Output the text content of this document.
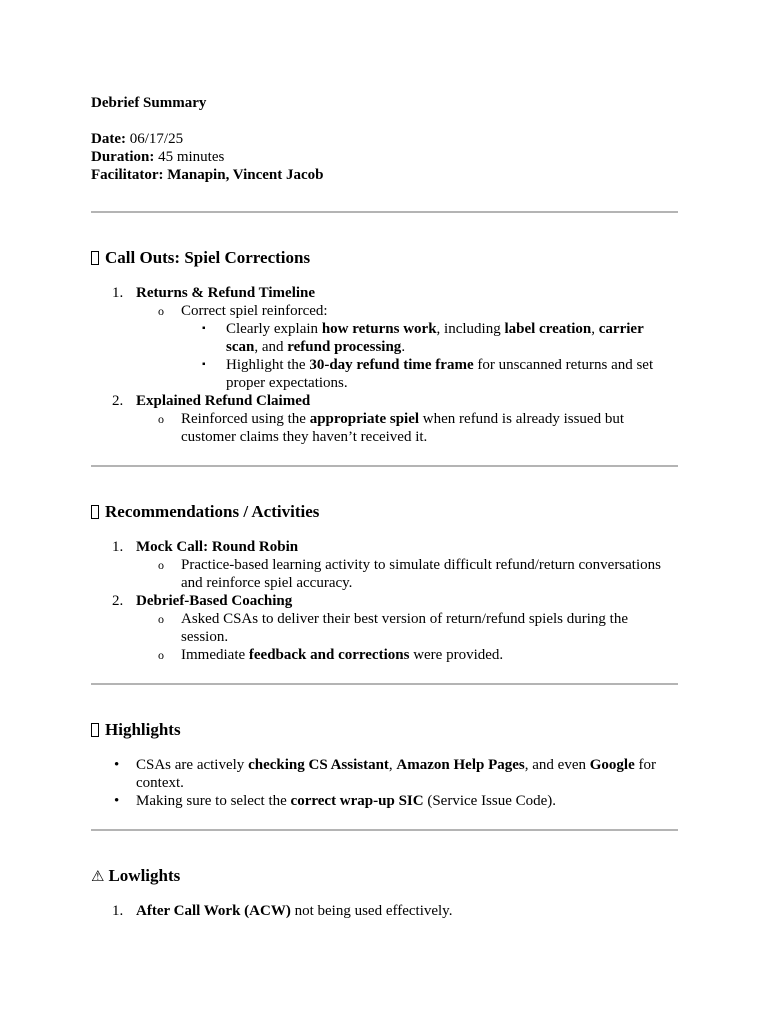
Debrief Summary
Date: 06/17/25
Duration: 45 minutes
Facilitator: Manapin, Vincent Jacob
Call Outs: Spiel Corrections
1. Returns & Refund Timeline
o Correct spiel reinforced:
▪ Clearly explain how returns work, including label creation, carrier scan, and refund processing.
▪ Highlight the 30-day refund time frame for unscanned returns and set proper expectations.
2. Explained Refund Claimed
o Reinforced using the appropriate spiel when refund is already issued but customer claims they haven’t received it.
Recommendations / Activities
1. Mock Call: Round Robin
o Practice-based learning activity to simulate difficult refund/return conversations and reinforce spiel accuracy.
2. Debrief-Based Coaching
o Asked CSAs to deliver their best version of return/refund spiels during the session.
o Immediate feedback and corrections were provided.
Highlights
• CSAs are actively checking CS Assistant, Amazon Help Pages, and even Google for context.
• Making sure to select the correct wrap-up SIC (Service Issue Code).
⚠ Lowlights
1. After Call Work (ACW) not being used effectively.
